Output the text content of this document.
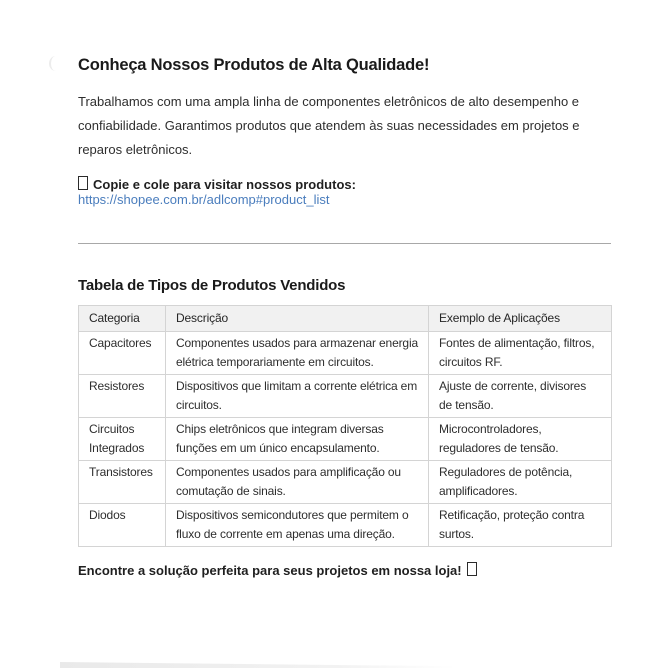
Conheça Nossos Produtos de Alta Qualidade!

Trabalhamos com uma ampla linha de componentes eletrônicos de alto desempenho e confiabilidade. Garantimos produtos que atendem às suas necessidades em projetos e reparos eletrônicos.

Copie e cole para visitar nossos produtos: https://shopee.com.br/adlcomp#product_list

Tabela de Tipos de Produtos Vendidos
Categoria	Descrição	Exemplo de Aplicações
Capacitores	Componentes usados para armazenar energia elétrica temporariamente em circuitos.	Fontes de alimentação, filtros, circuitos RF.
Resistores	Dispositivos que limitam a corrente elétrica em circuitos.	Ajuste de corrente, divisores de tensão.
Circuitos Integrados	Chips eletrônicos que integram diversas funções em um único encapsulamento.	Microcontroladores, reguladores de tensão.
Transistores	Componentes usados para amplificação ou comutação de sinais.	Reguladores de potência, amplificadores.
Diodos	Dispositivos semicondutores que permitem o fluxo de corrente em apenas uma direção.	Retificação, proteção contra surtos.

Encontre a solução perfeita para seus projetos em nossa loja!
